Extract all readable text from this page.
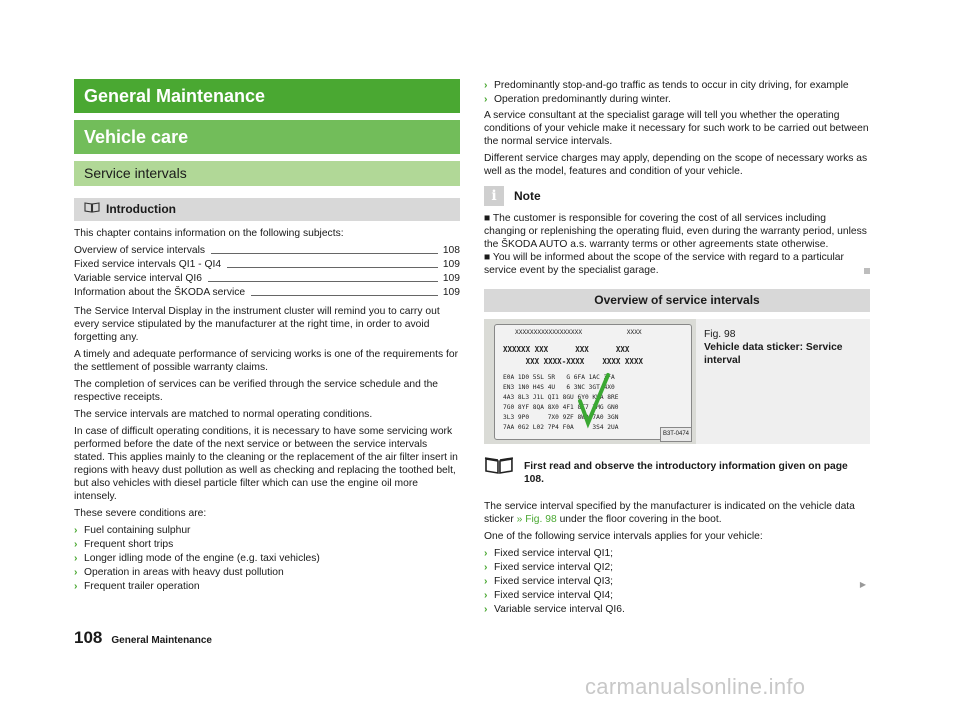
General Maintenance
Vehicle care
Service intervals
Introduction

This chapter contains information on the following subjects:

Overview of service intervals	108
Fixed service intervals QI1 - QI4	109
Variable service interval QI6	109
Information about the ŠKODA service	109

The Service Interval Display in the instrument cluster will remind you to carry out every service stipulated by the manufacturer at the right time, in order to avoid forgetting any.

A timely and adequate performance of servicing works is one of the requirements for the settlement of possible warranty claims.

The completion of services can be verified through the service schedule and the respective receipts.

The service intervals are matched to normal operating conditions.

In case of difficult operating conditions, it is necessary to have some servicing work performed before the date of the next service or between the service intervals stated. This applies mainly to the cleaning or the replacement of the air filter insert in regions with heavy dust pollution as well as checking and replacing the toothed belt, but also vehicles with diesel particle filter which can use the engine oil more intensely.

These severe conditions are:

› Fuel containing sulphur
› Frequent short trips
› Longer idling mode of the engine (e.g. taxi vehicles)
› Operation in areas with heavy dust pollution
› Frequent trailer operation
› Predominantly stop-and-go traffic as tends to occur in city driving, for example
› Operation predominantly during winter.

A service consultant at the specialist garage will tell you whether the operating conditions of your vehicle make it necessary for such work to be carried out between the normal service intervals.

Different service charges may apply, depending on the scope of necessary works as well as the model, features and condition of your vehicle.

i	Note

■ The customer is responsible for covering the cost of all services including changing or replenishing the operating fluid, even during the warranty period, unless the ŠKODA AUTO a.s. warranty terms or other agreements state otherwise.

■ You will be informed about the scope of the service with regard to a particular service event by the specialist garage.

Overview of service intervals
XXXXXXXXXXXXXXXXXX            XXXX
XXXXXX XXX      XXX      XXX
XXX XXXX-XXXX    XXXX XXXX
E0A 1D0 5SL 5R   G 6FA 1AC 3FA
EN3 1N0 H4S 4U   6 3NC 3GT 4X0
4A3 8L3 J1L QI1 8GU 6Y0 KHA 8RE
7G0 8YF 8QA 8X0 4F1 8T7 7MG GN0
3L3 9P0     7X0 9ZF 8WD 7A0 3GN
7AA 0G2 L02 7P4 F0A     3S4 2UA
B3T-0474
Fig. 98
Vehicle data sticker: Service interval
First read and observe the introductory information given on page 108.

The service interval specified by the manufacturer is indicated on the vehicle data sticker » Fig. 98 under the floor covering in the boot.

One of the following service intervals applies for your vehicle:

› Fixed service interval QI1;
› Fixed service interval QI2;
› Fixed service interval QI3;
› Fixed service interval QI4;
› Variable service interval QI6.
▶
108 General Maintenance
carmanualsonline.info
